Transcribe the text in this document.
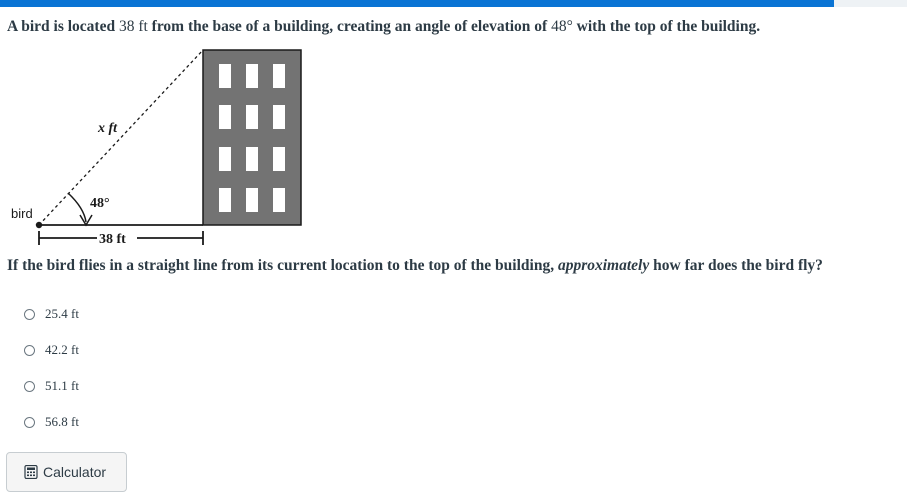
A bird is located 38 ft from the base of a building, creating an angle of elevation of 48° with the top of the building.
bird
x ft
48°
38 ft
If the bird flies in a straight line from its current location to the top of the building, approximately how far does the bird fly?
25.4 ft
42.2 ft
51.1 ft
56.8 ft
Calculator
